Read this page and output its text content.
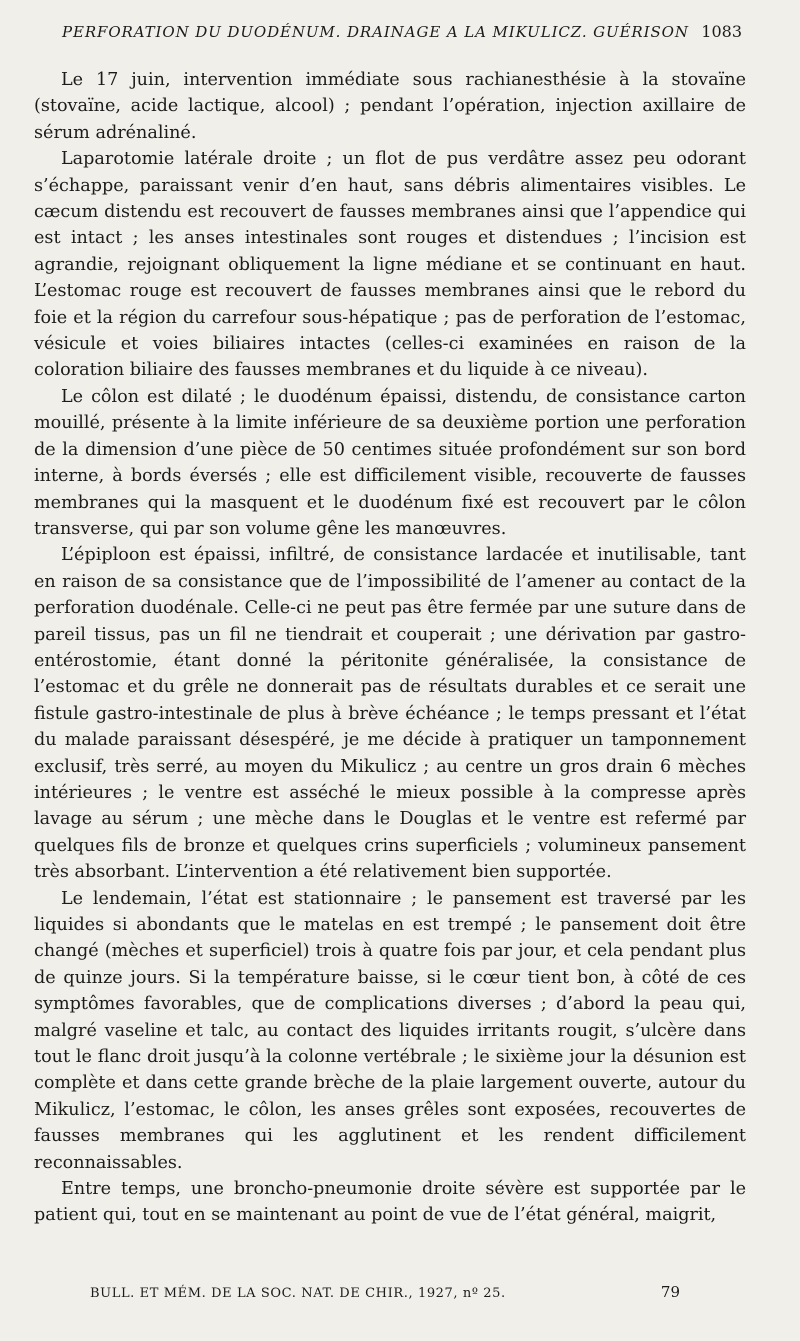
PERFORATION DU DUODÉNUM. DRAINAGE A LA MIKULICZ. GUÉRISON 1083

Le 17 juin, intervention immédiate sous rachianesthésie à la stovaïne (stovaïne, acide lactique, alcool) ; pendant l’opération, injection axillaire de sérum adrénaliné.

Laparotomie latérale droite ; un flot de pus verdâtre assez peu odorant s’échappe, paraissant venir d’en haut, sans débris alimentaires visibles. Le cæcum distendu est recouvert de fausses membranes ainsi que l’appendice qui est intact ; les anses intestinales sont rouges et distendues ; l’incision est agrandie, rejoignant obliquement la ligne médiane et se continuant en haut. L’estomac rouge est recouvert de fausses membranes ainsi que le rebord du foie et la région du carrefour sous-hépatique ; pas de perforation de l’estomac, vésicule et voies biliaires intactes (celles-ci examinées en raison de la coloration biliaire des fausses membranes et du liquide à ce niveau).

Le côlon est dilaté ; le duodénum épaissi, distendu, de consistance carton mouillé, présente à la limite inférieure de sa deuxième portion une perforation de la dimension d’une pièce de 50 centimes située profondément sur son bord interne, à bords éversés ; elle est difficilement visible, recouverte de fausses membranes qui la masquent et le duodénum fixé est recouvert par le côlon transverse, qui par son volume gêne les manœuvres.

L’épiploon est épaissi, infiltré, de consistance lardacée et inutilisable, tant en raison de sa consistance que de l’impossibilité de l’amener au contact de la perforation duodénale. Celle-ci ne peut pas être fermée par une suture dans de pareil tissus, pas un fil ne tiendrait et couperait ; une dérivation par gastro-entérostomie, étant donné la péritonite généralisée, la consistance de l’estomac et du grêle ne donnerait pas de résultats durables et ce serait une fistule gastro-intestinale de plus à brève échéance ; le temps pressant et l’état du malade paraissant désespéré, je me décide à pratiquer un tamponnement exclusif, très serré, au moyen du Mikulicz ; au centre un gros drain 6 mèches intérieures ; le ventre est asséché le mieux possible à la compresse après lavage au sérum ; une mèche dans le Douglas et le ventre est refermé par quelques fils de bronze et quelques crins superficiels ; volumineux pansement très absorbant. L’intervention a été relativement bien supportée.

Le lendemain, l’état est stationnaire ; le pansement est traversé par les liquides si abondants que le matelas en est trempé ; le pansement doit être changé (mèches et superficiel) trois à quatre fois par jour, et cela pendant plus de quinze jours. Si la température baisse, si le cœur tient bon, à côté de ces symptômes favorables, que de complications diverses ; d’abord la peau qui, malgré vaseline et talc, au contact des liquides irritants rougit, s’ulcère dans tout le flanc droit jusqu’à la colonne vertébrale ; le sixième jour la désunion est complète et dans cette grande brèche de la plaie largement ouverte, autour du Mikulicz, l’estomac, le côlon, les anses grêles sont exposées, recouvertes de fausses membranes qui les agglutinent et les rendent difficilement reconnaissables.

Entre temps, une broncho-pneumonie droite sévère est supportée par le patient qui, tout en se maintenant au point de vue de l’état général, maigrit,

BULL. ET MÉM. DE LA SOC. NAT. DE CHIR., 1927, nº 25.	79
